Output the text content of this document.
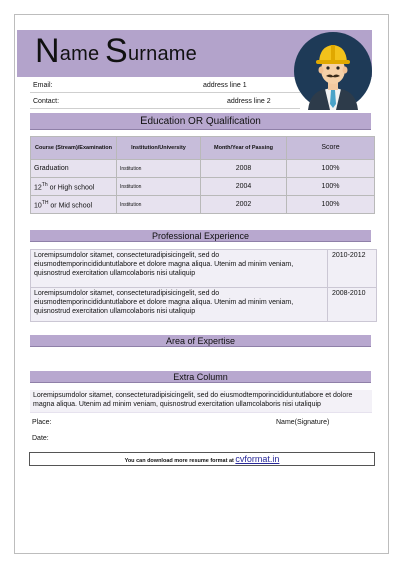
Name Surname
Email:	address line 1
Contact:	address line 2
Education OR Qualification
Course (Stream)/Examination	Institution/University	Month/Year of Passing	Score
Graduation	Institution	2008	100%
12Th or High school	Institution	2004	100%
10TH or Mid school	Institution	2002	100%
Professional Experience
Loremipsumdolor sitamet, consecteturadipisicingelit, sed do eiusmodtemporincididuntutlabore et dolore magna aliqua. Utenim ad minim veniam, quisnostrud exercitation ullamcolaboris nisi utaliquip	2010-2012
Loremipsumdolor sitamet, consecteturadipisicingelit, sed do eiusmodtemporincididuntutlabore et dolore magna aliqua. Utenim ad minim veniam, quisnostrud exercitation ullamcolaboris nisi utaliquip	2008-2010
Area of Expertise
Extra Column
Loremipsumdolor sitamet, consecteturadipisicingelit, sed do eiusmodtemporincididuntutlabore et dolore magna aliqua. Utenim ad minim veniam, quisnostrud exercitation ullamcolaboris nisi utaliquip
Place:	Name(Signature)
Date:
You can download more resume format at cvformat.in
